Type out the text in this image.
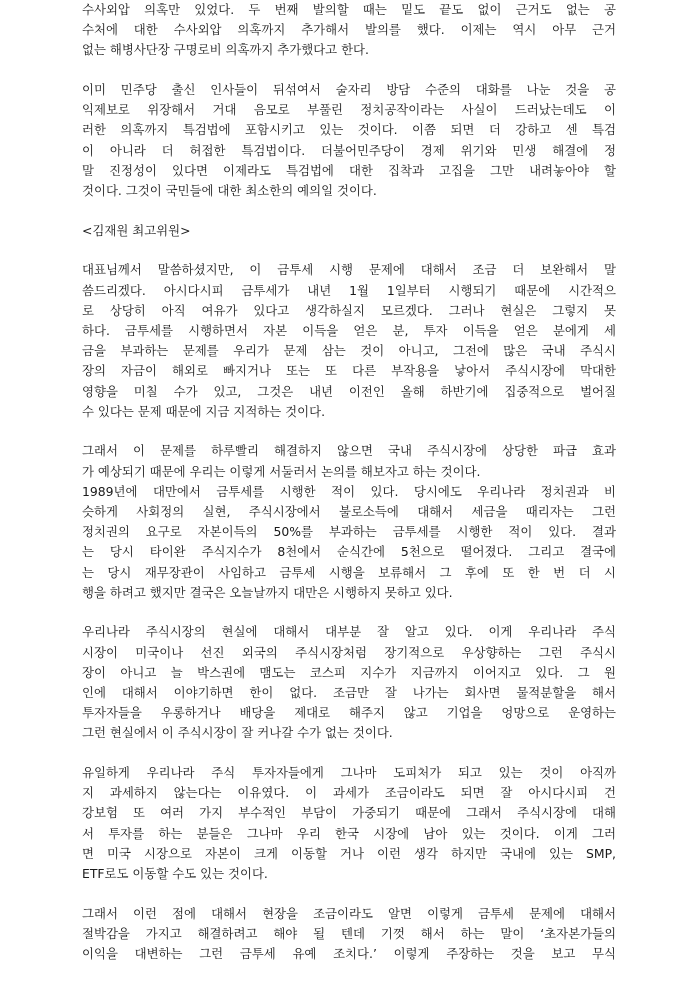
수사외압 의혹만 있었다. 두 번째 발의할 때는 밑도 끝도 없이 근거도 없는 공
수처에 대한 수사외압 의혹까지 추가해서 발의를 했다. 이제는 역시 아무 근거
없는 해병사단장 구명로비 의혹까지 추가했다고 한다.
이미 민주당 출신 인사들이 뒤섞여서 술자리 방담 수준의 대화를 나눈 것을 공
익제보로 위장해서 거대 음모로 부풀린 정치공작이라는 사실이 드러났는데도 이
러한 의혹까지 특검법에 포함시키고 있는 것이다. 이쯤 되면 더 강하고 센 특검
이 아니라 더 허접한 특검법이다. 더불어민주당이 경제 위기와 민생 해결에 정
말 진정성이 있다면 이제라도 특검법에 대한 집착과 고집을 그만 내려놓아야 할
것이다. 그것이 국민들에 대한 최소한의 예의일 것이다.
<김재원 최고위원>
대표님께서 말씀하셨지만, 이 금투세 시행 문제에 대해서 조금 더 보완해서 말
씀드리겠다. 아시다시피 금투세가 내년 1월 1일부터 시행되기 때문에 시간적으
로 상당히 아직 여유가 있다고 생각하실지 모르겠다. 그러나 현실은 그렇지 못
하다. 금투세를 시행하면서 자본 이득을 얻은 분, 투자 이득을 얻은 분에게 세
금을 부과하는 문제를 우리가 문제 삼는 것이 아니고, 그전에 많은 국내 주식시
장의 자금이 해외로 빠지거나 또는 또 다른 부작용을 낳아서 주식시장에 막대한
영향을 미칠 수가 있고, 그것은 내년 이전인 올해 하반기에 집중적으로 벌어질
수 있다는 문제 때문에 지금 지적하는 것이다.
그래서 이 문제를 하루빨리 해결하지 않으면 국내 주식시장에 상당한 파급 효과
가 예상되기 때문에 우리는 이렇게 서둘러서 논의를 해보자고 하는 것이다.
1989년에 대만에서 금투세를 시행한 적이 있다. 당시에도 우리나라 정치권과 비
슷하게 사회정의 실현, 주식시장에서 불로소득에 대해서 세금을 때리자는 그런
정치권의 요구로 자본이득의 50%를 부과하는 금투세를 시행한 적이 있다. 결과
는 당시 타이완 주식지수가 8천에서 순식간에 5천으로 떨어졌다. 그리고 결국에
는 당시 재무장관이 사임하고 금투세 시행을 보류해서 그 후에 또 한 번 더 시
행을 하려고 했지만 결국은 오늘날까지 대만은 시행하지 못하고 있다.
우리나라 주식시장의 현실에 대해서 대부분 잘 알고 있다. 이게 우리나라 주식
시장이 미국이나 선진 외국의 주식시장처럼 장기적으로 우상향하는 그런 주식시
장이 아니고 늘 박스권에 맴도는 코스피 지수가 지금까지 이어지고 있다. 그 원
인에 대해서 이야기하면 한이 없다. 조금만 잘 나가는 회사면 물적분할을 해서
투자자들을 우롱하거나 배당을 제대로 해주지 않고 기업을 엉망으로 운영하는
그런 현실에서 이 주식시장이 잘 커나갈 수가 없는 것이다.
유일하게 우리나라 주식 투자자들에게 그나마 도피처가 되고 있는 것이 아직까
지 과세하지 않는다는 이유였다. 이 과세가 조금이라도 되면 잘 아시다시피 건
강보험 또 여러 가지 부수적인 부담이 가중되기 때문에 그래서 주식시장에 대해
서 투자를 하는 분들은 그나마 우리 한국 시장에 남아 있는 것이다. 이게 그러
면 미국 시장으로 자본이 크게 이동할 거나 이런 생각 하지만 국내에 있는 SMP,
ETF로도 이동할 수도 있는 것이다.
그래서 이런 점에 대해서 현장을 조금이라도 알면 이렇게 금투세 문제에 대해서
절박감을 가지고 해결하려고 해야 될 텐데 기껏 해서 하는 말이 ‘초자본가들의
이익을 대변하는 그런 금투세 유예 조치다.’ 이렇게 주장하는 것을 보고 무식
